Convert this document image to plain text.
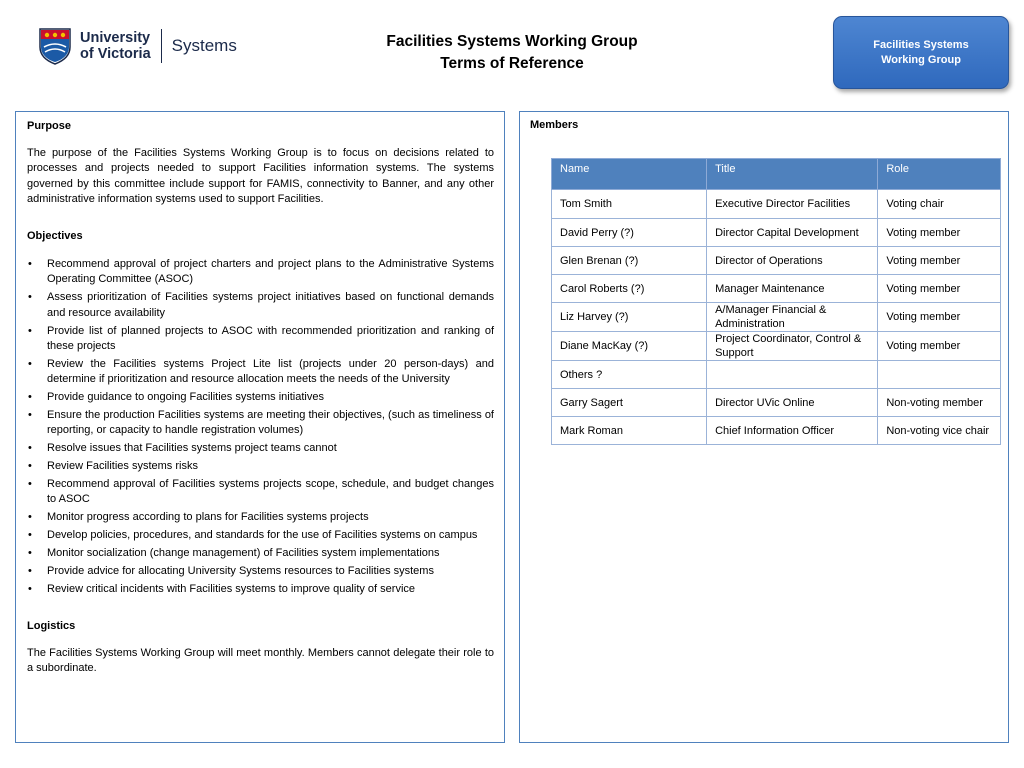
University
of Victoria Systems	Facilities Systems Working Group
Terms of Reference
Facilities Systems
Working Group

Purpose

The purpose of the Facilities Systems Working Group is to focus on decisions related to processes and projects needed to support Facilities information systems. The systems governed by this committee include support for FAMIS, connectivity to Banner, and any other administrative information systems used to support Facilities.

Objectives

• Recommend approval of project charters and project plans to the Administrative Systems Operating Committee (ASOC)
• Assess prioritization of Facilities systems project initiatives based on functional demands and resource availability
• Provide list of planned projects to ASOC with recommended prioritization and ranking of these projects
• Review the Facilities systems Project Lite list (projects under 20 person-days) and determine if prioritization and resource allocation meets the needs of the University
• Provide guidance to ongoing Facilities systems initiatives
• Ensure the production Facilities systems are meeting their objectives, (such as timeliness of reporting, or capacity to handle registration volumes)
• Resolve issues that Facilities systems project teams cannot
• Review Facilities systems risks
• Recommend approval of Facilities systems projects scope, schedule, and budget changes to ASOC
• Monitor progress according to plans for Facilities systems projects
• Develop policies, procedures, and standards for the use of Facilities systems on campus
• Monitor socialization (change management) of Facilities system implementations
• Provide advice for allocating University Systems resources to Facilities systems
• Review critical incidents with Facilities systems to improve quality of service

Logistics

The Facilities Systems Working Group will meet monthly. Members cannot delegate their role to a subordinate.

Members
Name	Title	Role
Tom Smith	Executive Director Facilities	Voting chair
David Perry (?)	Director Capital Development	Voting member
Glen Brenan (?)	Director of Operations	Voting member
Carol Roberts (?)	Manager Maintenance	Voting member
Liz Harvey (?)	A/Manager Financial & Administration	Voting member
Diane MacKay (?)	Project Coordinator, Control & Support	Voting member
Others ?		
Garry Sagert	Director UVic Online	Non-voting member
Mark Roman	Chief Information Officer	Non-voting vice chair
